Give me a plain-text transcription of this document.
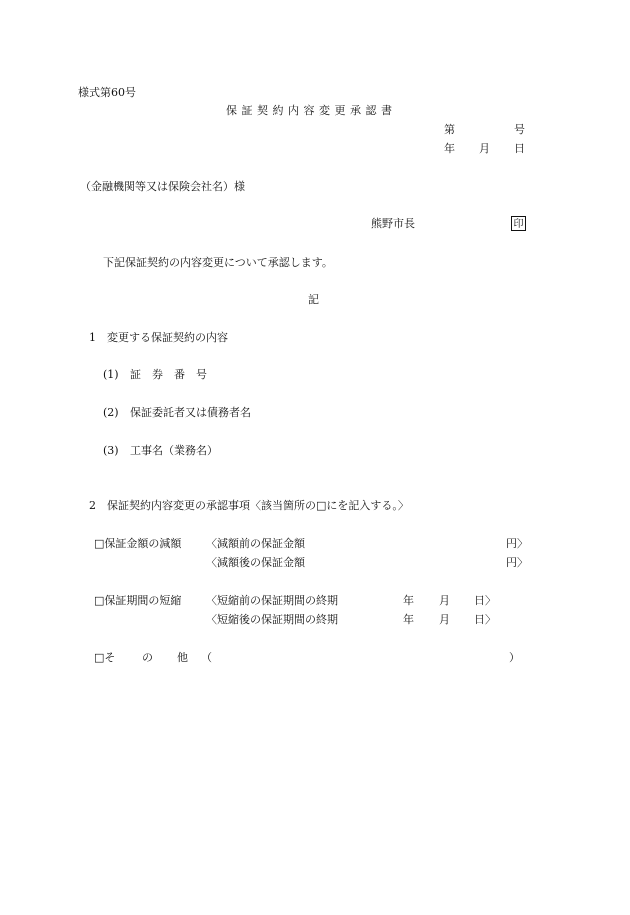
様式第60号
保証契約内容変更承認書
第	号
年 月 日
（金融機関等又は保険会社名）様
熊野市長	印
下記保証契約の内容変更について承認します。
記
1　変更する保証契約の内容
(1) 証　券　番　号
(2) 保証委託者又は債務者名
(3) 工事名（業務名）
2　保証契約内容変更の承認事項〈該当箇所の□にを記入する。〉
□保証金額の減額 〈減額前の保証金額	円〉
〈減額後の保証金額	円〉
□保証期間の短縮 〈短縮前の保証期間の終期	年 月 日〉
〈短縮後の保証期間の終期	年 月 日〉
□そ の 他 （	）
